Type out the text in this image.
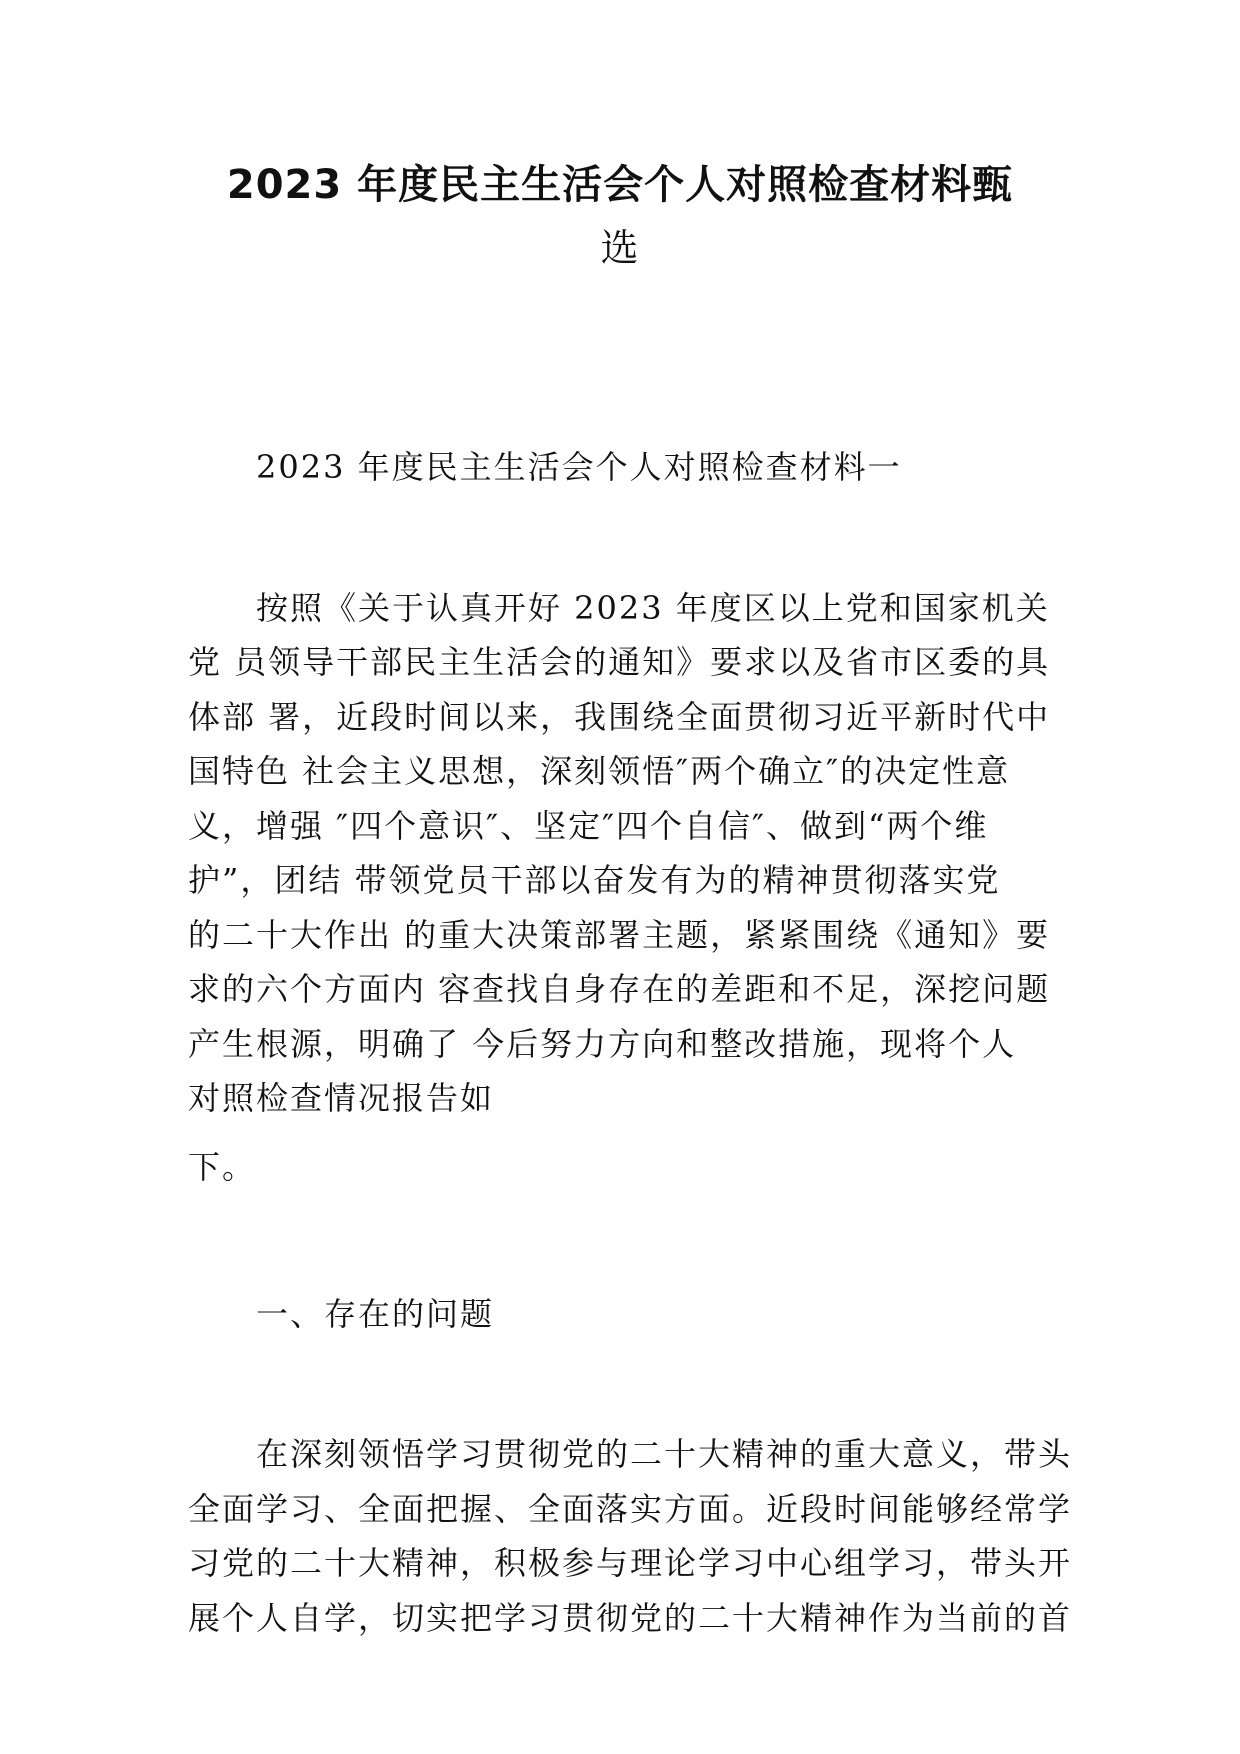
2023 年度民主生活会个人对照检查材料甄
选

2023 年度民主生活会个人对照检查材料一

按照《关于认真开好 2023 年度区以上党和国家机关

党 员领导干部民主生活会的通知》要求以及省市区委的具

体部 署，近段时间以来，我围绕全面贯彻习近平新时代中

国特色 社会主义思想，深刻领悟″两个确立″的决定性意

义，增强 ″四个意识″、坚定″四个自信″、做到“两个维

护”，团结 带领党员干部以奋发有为的精神贯彻落实党

的二十大作出 的重大决策部署主题，紧紧围绕《通知》要

求的六个方面内 容查找自身存在的差距和不足，深挖问题

产生根源，明确了 今后努力方向和整改措施，现将个人

对照检查情况报告如

下。

一、存在的问题

在深刻领悟学习贯彻党的二十大精神的重大意义，带头

全面学习、全面把握、全面落实方面。近段时间能够经常学

习党的二十大精神，积极参与理论学习中心组学习，带头开

展个人自学，切实把学习贯彻党的二十大精神作为当前的首
